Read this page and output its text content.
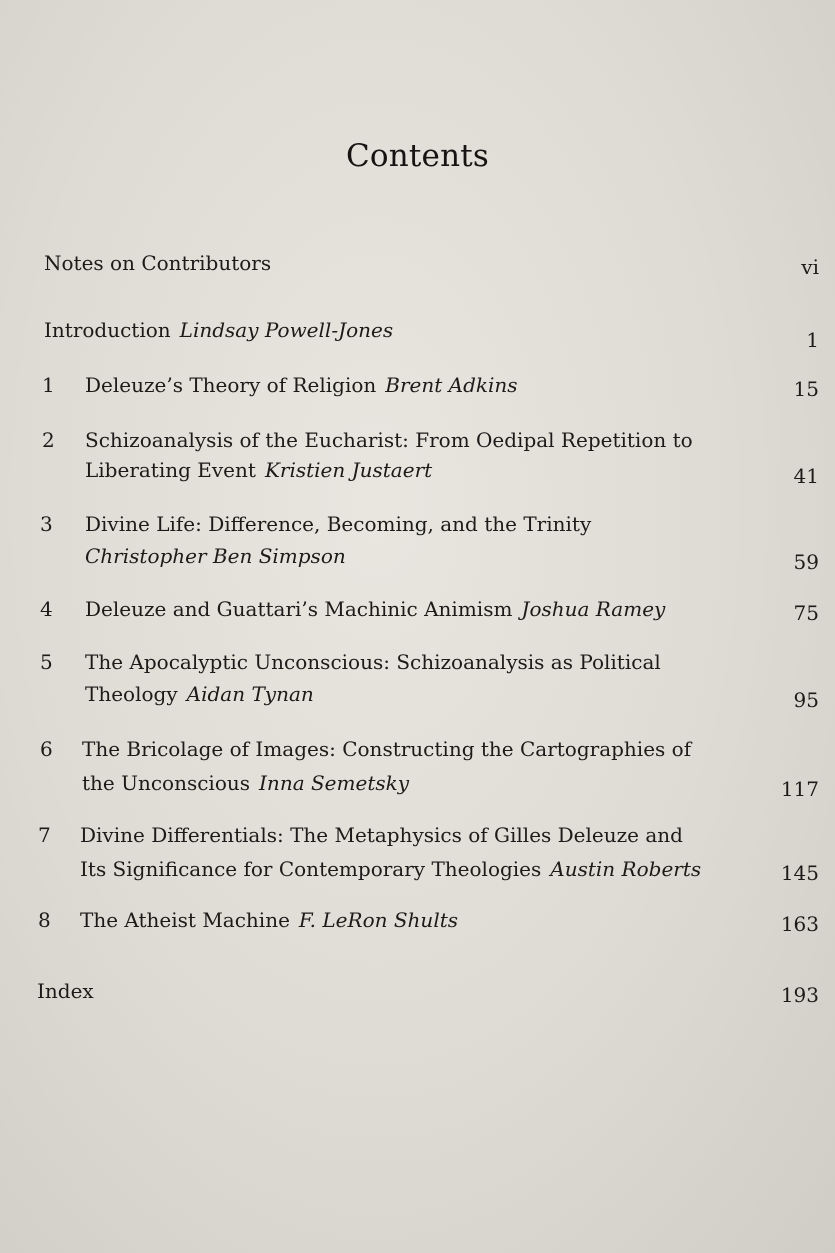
Contents
Notes on Contributors	vi
Introduction Lindsay Powell-Jones	1
1 Deleuze’s Theory of Religion Brent Adkins	15
2 Schizoanalysis of the Eucharist: From Oedipal Repetition to
Liberating Event Kristien Justaert	41
3 Divine Life: Difference, Becoming, and the Trinity
Christopher Ben Simpson	59
4 Deleuze and Guattari’s Machinic Animism Joshua Ramey	75
5 The Apocalyptic Unconscious: Schizoanalysis as Political
Theology Aidan Tynan	95
6 The Bricolage of Images: Constructing the Cartographies of
the Unconscious Inna Semetsky	117
7 Divine Differentials: The Metaphysics of Gilles Deleuze and
Its Significance for Contemporary Theologies Austin Roberts	145
8 The Atheist Machine F. LeRon Shults	163
Index	193
